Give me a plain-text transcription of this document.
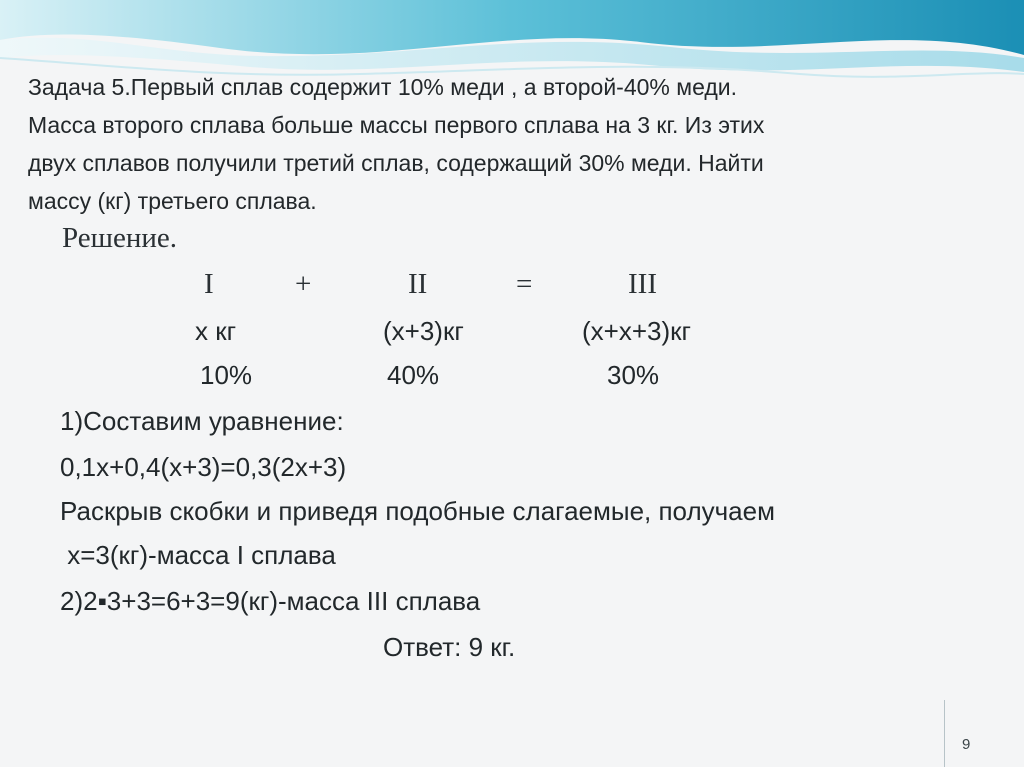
Задача 5.Первый сплав содержит 10% меди , а второй-40% меди.
Масса второго сплава больше массы первого сплава на 3 кг. Из этих
двух сплавов получили третий сплав, содержащий 30% меди. Найти
массу (кг) третьего сплава.
Решение.
I	+	II	=	III
х кг	(х+3)кг	(х+х+3)кг
10%	40%	30%
1)Составим уравнение:
0,1х+0,4(х+3)=0,3(2х+3)
Раскрыв скобки и приведя подобные слагаемые, получаем
х=3(кг)-масса I сплава
2)2▪3+3=6+3=9(кг)-масса III сплава
Ответ: 9 кг.
9
